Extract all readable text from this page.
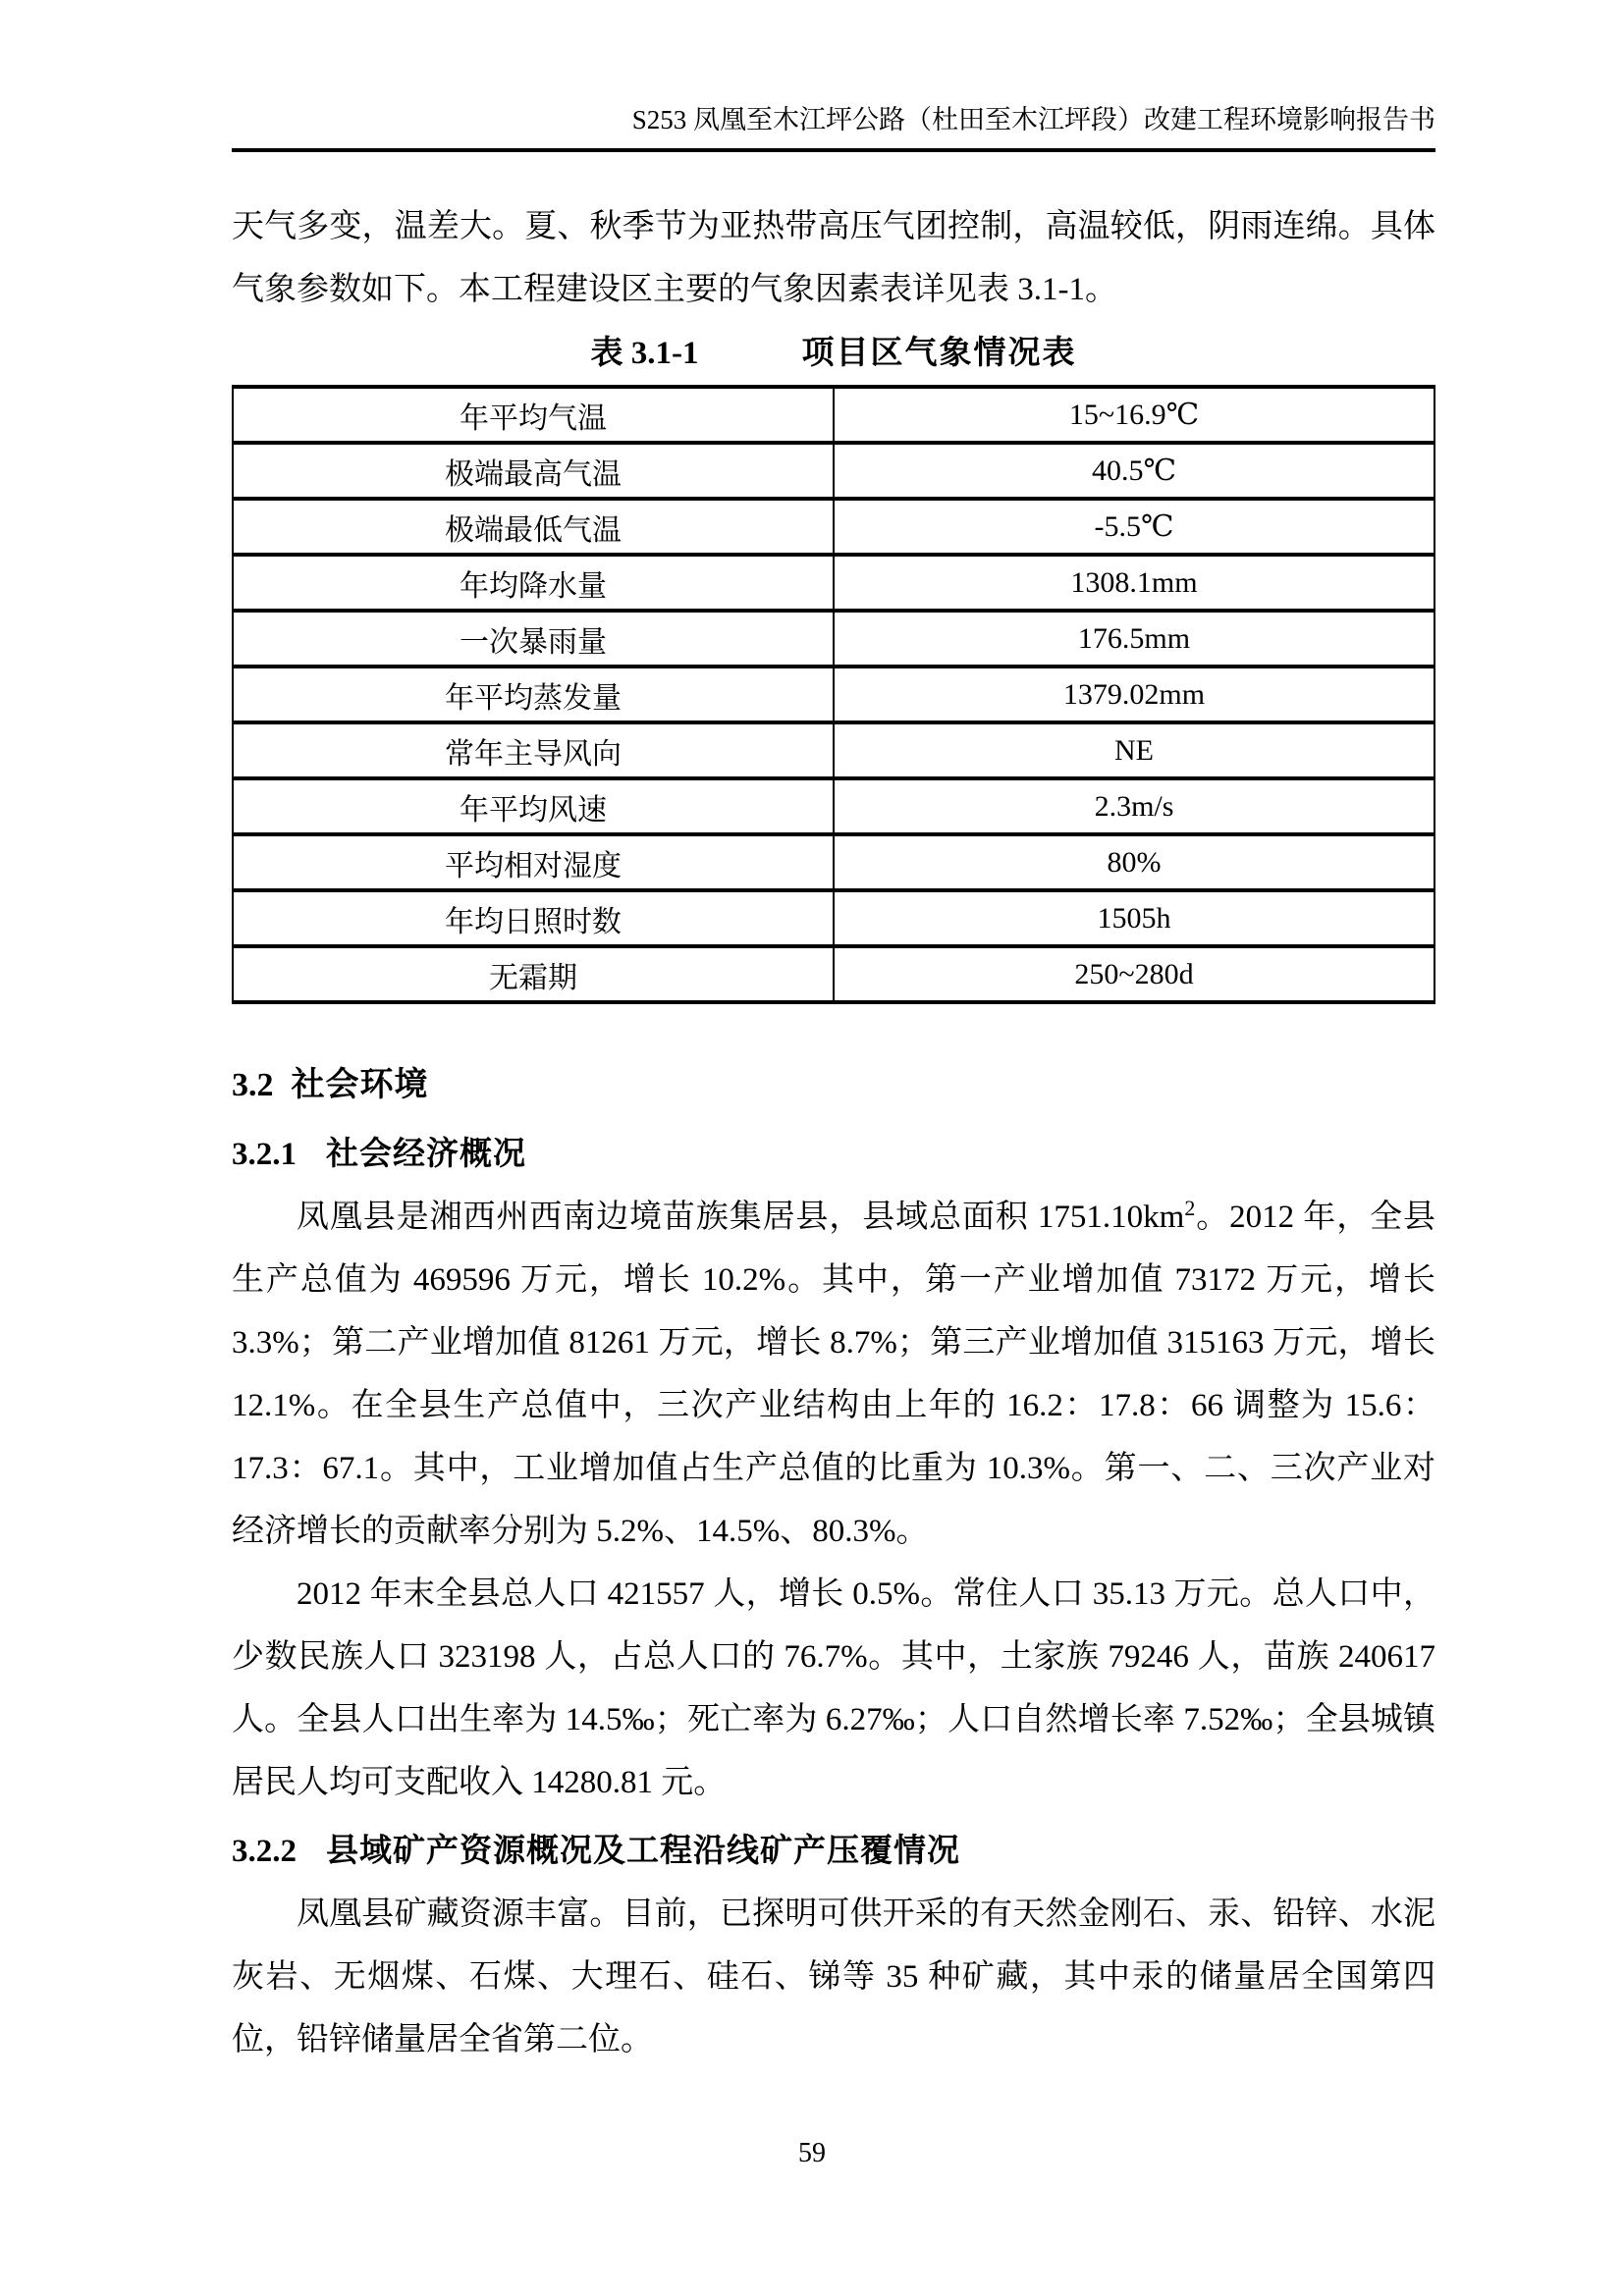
S253 凤凰至木江坪公路（杜田至木江坪段）改建工程环境影响报告书

天气多变，温差大。夏、秋季节为亚热带高压气团控制，高温较低，阴雨连绵。具体气象参数如下。本工程建设区主要的气象因素表详见表 3.1-1。

表 3.1-1	项目区气象情况表
年平均气温	15~16.9℃
极端最高气温	40.5℃
极端最低气温	-5.5℃
年均降水量	1308.1mm
一次暴雨量	176.5mm
年平均蒸发量	1379.02mm
常年主导风向	NE
年平均风速	2.3m/s
平均相对湿度	80%
年均日照时数	1505h
无霜期	250~280d
3.2 社会环境
3.2.1 社会经济概况

凤凰县是湘西州西南边境苗族集居县，县域总面积 $1751.10km^2$。2012 年，全县生产总值为 469596 万元，增长 10.2%。其中，第一产业增加值 73172 万元，增长 3.3%；第二产业增加值 81261 万元，增长 8.7%；第三产业增加值 315163 万元，增长 12.1%。在全县生产总值中，三次产业结构由上年的 16.2：17.8：66 调整为 15.6：17.3：67.1。其中，工业增加值占生产总值的比重为 10.3%。第一、二、三次产业对经济增长的贡献率分别为 5.2%、14.5%、80.3%。

2012 年末全县总人口 421557 人，增长 0.5%。常住人口 35.13 万元。总人口中，少数民族人口 323198 人，占总人口的 76.7%。其中，土家族 79246 人，苗族 240617 人。全县人口出生率为 14.5‰；死亡率为 6.27‰；人口自然增长率 7.52‰；全县城镇居民人均可支配收入 14280.81 元。

3.2.2 县域矿产资源概况及工程沿线矿产压覆情况

凤凰县矿藏资源丰富。目前，已探明可供开采的有天然金刚石、汞、铅锌、水泥灰岩、无烟煤、石煤、大理石、硅石、锑等 35 种矿藏，其中汞的储量居全国第四位，铅锌储量居全省第二位。

59
